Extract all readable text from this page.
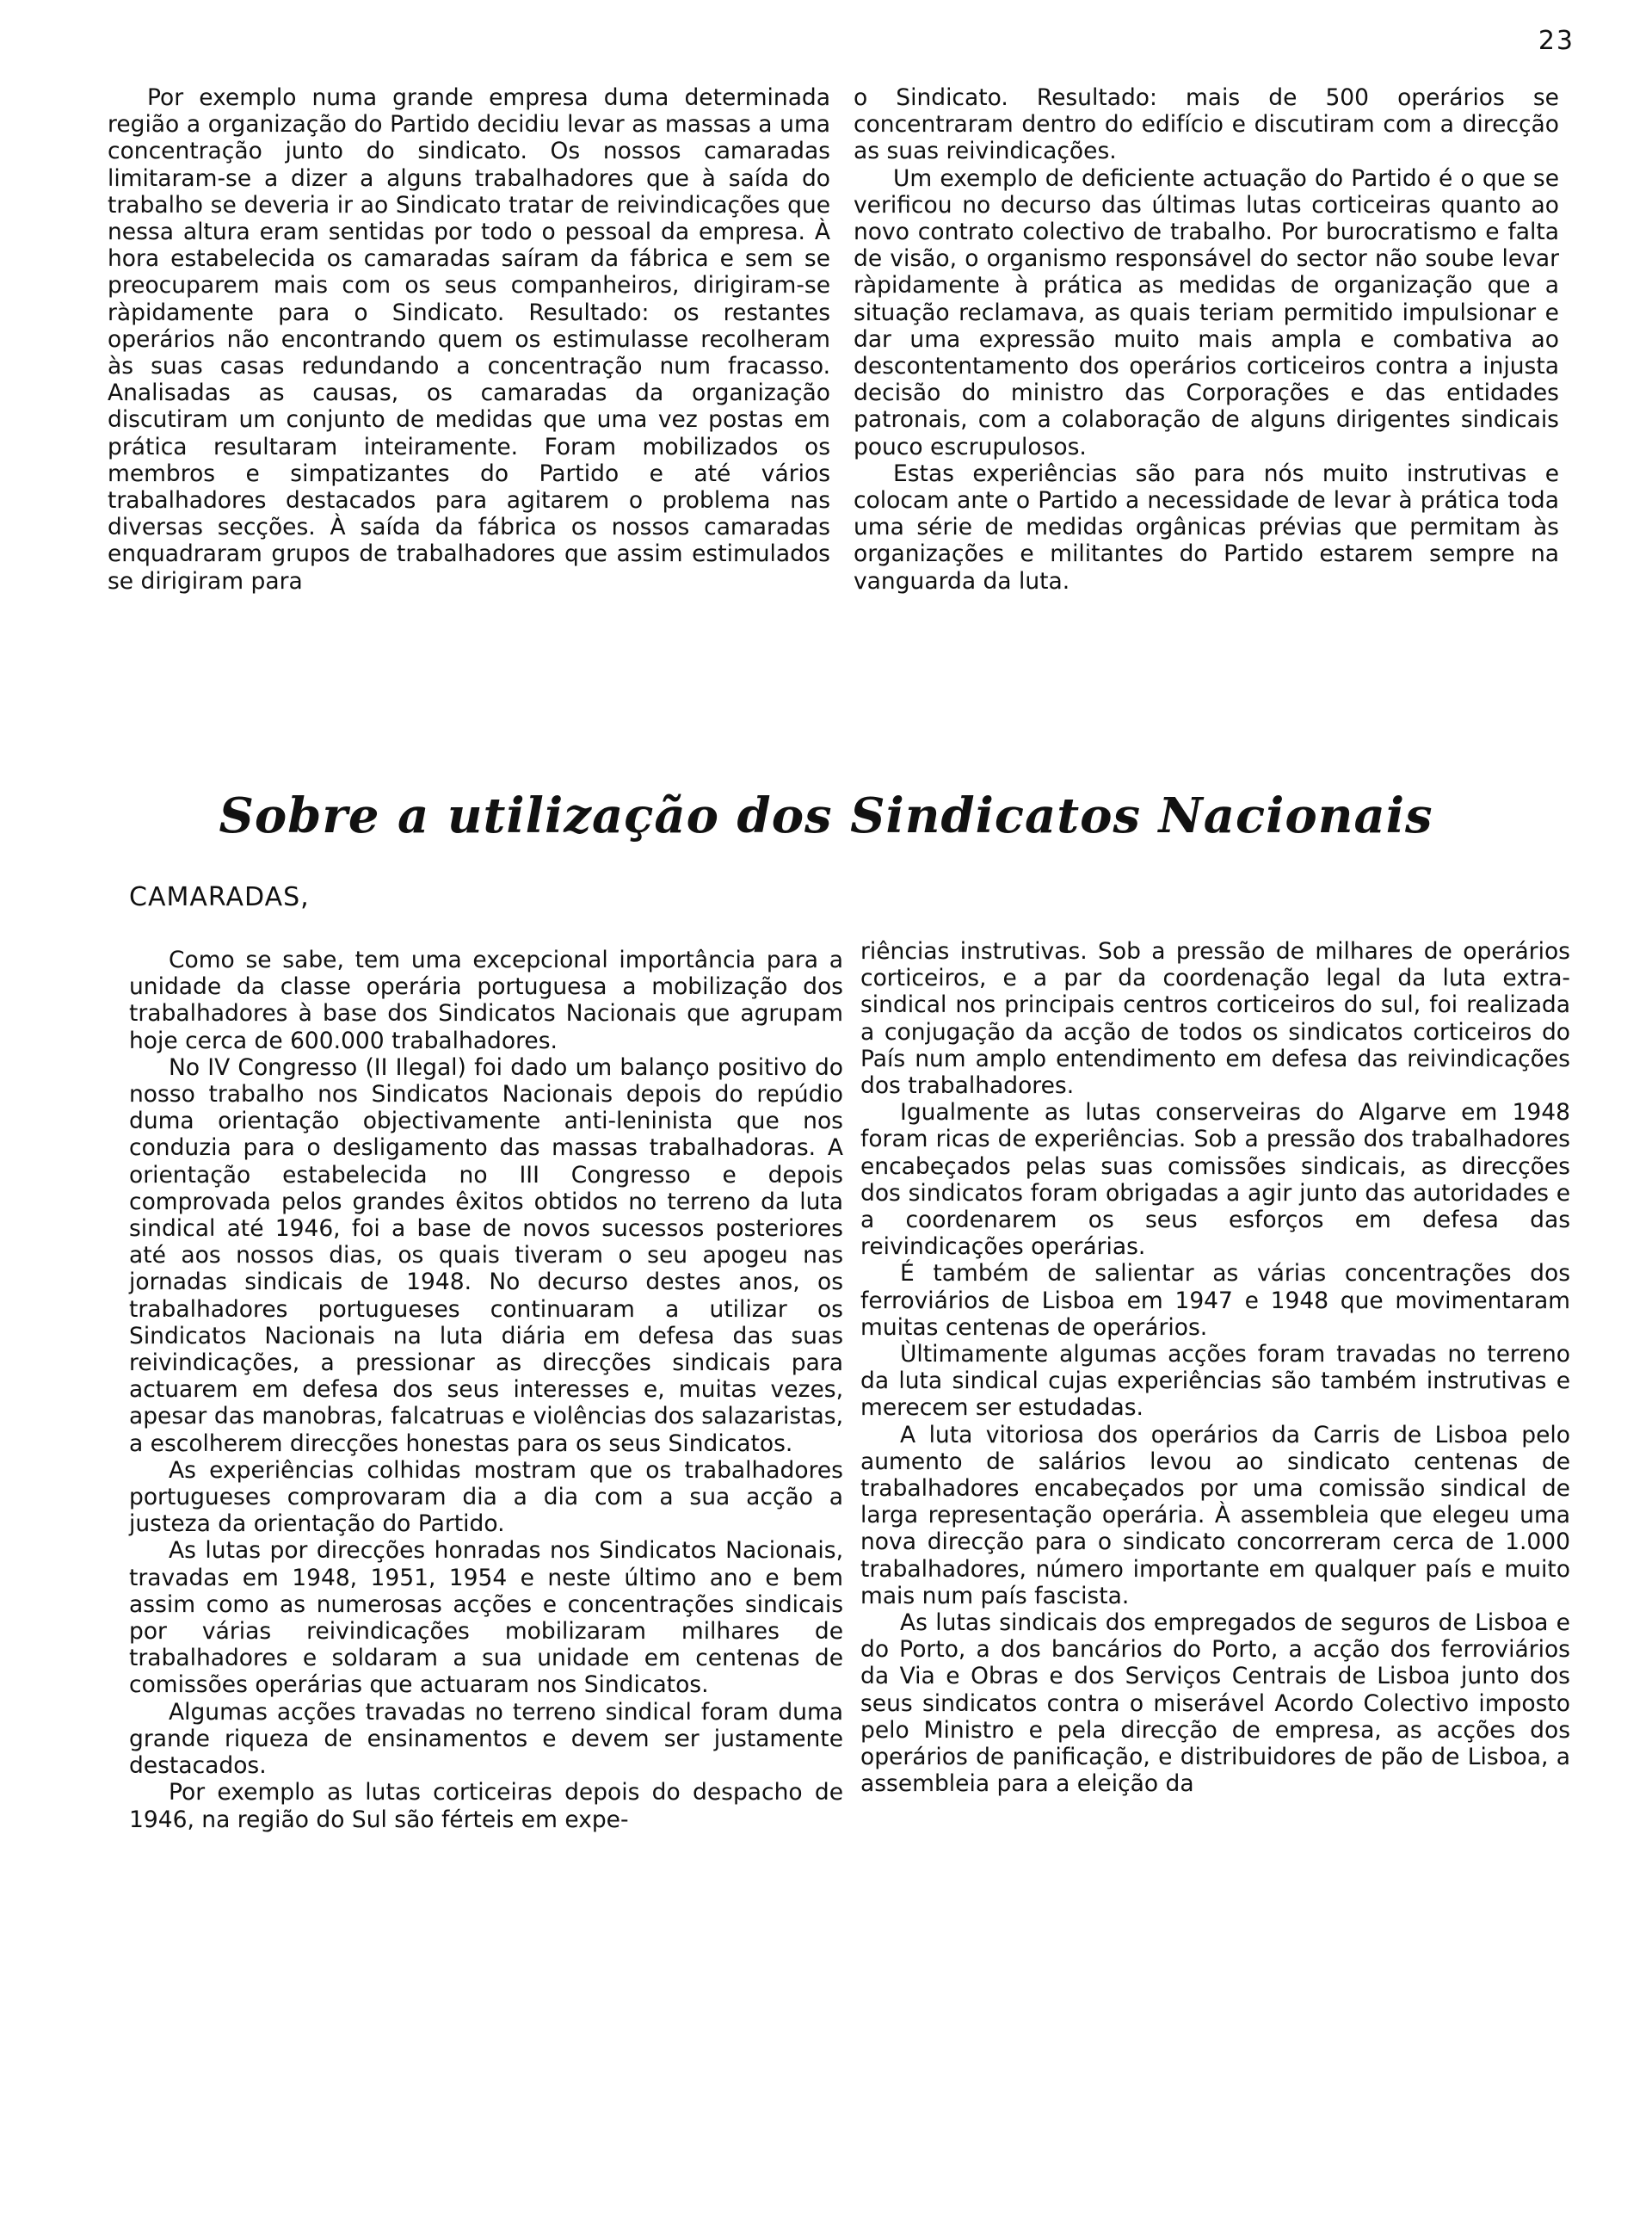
23

Por exemplo numa grande empresa duma determinada região a organização do Partido decidiu levar as massas a uma concentração junto do sindicato. Os nossos camaradas limitaram-se a dizer a alguns trabalhadores que à saída do trabalho se deveria ir ao Sindicato tratar de reivindicações que nessa altura eram sentidas por todo o pessoal da empresa. À hora estabelecida os camaradas saíram da fábrica e sem se preocuparem mais com os seus companheiros, dirigiram-se ràpidamente para o Sindicato. Resultado: os restantes operários não encontrando quem os estimulasse recolheram às suas casas redundando a concentração num fracasso. Analisadas as causas, os camaradas da organização discutiram um conjunto de medidas que uma vez postas em prática resultaram inteiramente. Foram mobilizados os membros e simpatizantes do Partido e até vários trabalhadores destacados para agitarem o problema nas diversas secções. À saída da fábrica os nossos camaradas enquadraram grupos de trabalhadores que assim estimulados se dirigiram para

o Sindicato. Resultado: mais de 500 operários se concentraram dentro do edifício e discutiram com a direcção as suas reivindicações.

Um exemplo de deficiente actuação do Partido é o que se verificou no decurso das últimas lutas corticeiras quanto ao novo contrato colectivo de trabalho. Por burocratismo e falta de visão, o organismo responsável do sector não soube levar ràpidamente à prática as medidas de organização que a situação reclamava, as quais teriam permitido impulsionar e dar uma expressão muito mais ampla e combativa ao descontentamento dos operários corticeiros contra a injusta decisão do ministro das Corporações e das entidades patronais, com a colaboração de alguns dirigentes sindicais pouco escrupulosos.

Estas experiências são para nós muito instrutivas e colocam ante o Partido a necessidade de levar à prática toda uma série de medidas orgânicas prévias que permitam às organizações e militantes do Partido estarem sempre na vanguarda da luta.

Sobre a utilização dos Sindicatos Nacionais
CAMARADAS,

Como se sabe, tem uma excepcional importância para a unidade da classe operária portuguesa a mobilização dos trabalhadores à base dos Sindicatos Nacionais que agrupam hoje cerca de 600.000 trabalhadores.

No IV Congresso (II Ilegal) foi dado um balanço positivo do nosso trabalho nos Sindicatos Nacionais depois do repúdio duma orientação objectivamente anti-leninista que nos conduzia para o desligamento das massas trabalhadoras. A orientação estabelecida no III Congresso e depois comprovada pelos grandes êxitos obtidos no terreno da luta sindical até 1946, foi a base de novos sucessos posteriores até aos nossos dias, os quais tiveram o seu apogeu nas jornadas sindicais de 1948. No decurso destes anos, os trabalhadores portugueses continuaram a utilizar os Sindicatos Nacionais na luta diária em defesa das suas reivindicações, a pressionar as direcções sindicais para actuarem em defesa dos seus interesses e, muitas vezes, apesar das manobras, falcatruas e violências dos salazaristas, a escolherem direcções honestas para os seus Sindicatos.

As experiências colhidas mostram que os trabalhadores portugueses comprovaram dia a dia com a sua acção a justeza da orientação do Partido.

As lutas por direcções honradas nos Sindicatos Nacionais, travadas em 1948, 1951, 1954 e neste último ano e bem assim como as numerosas acções e concentrações sindicais por várias reivindicações mobilizaram milhares de trabalhadores e soldaram a sua unidade em centenas de comissões operárias que actuaram nos Sindicatos.

Algumas acções travadas no terreno sindical foram duma grande riqueza de ensinamentos e devem ser justamente destacados.

Por exemplo as lutas corticeiras depois do despacho de 1946, na região do Sul são férteis em expe-

riências instrutivas. Sob a pressão de milhares de operários corticeiros, e a par da coordenação legal da luta extra-sindical nos principais centros corticeiros do sul, foi realizada a conjugação da acção de todos os sindicatos corticeiros do País num amplo entendimento em defesa das reivindicações dos trabalhadores.

Igualmente as lutas conserveiras do Algarve em 1948 foram ricas de experiências. Sob a pressão dos trabalhadores encabeçados pelas suas comissões sindicais, as direcções dos sindicatos foram obrigadas a agir junto das autoridades e a coordenarem os seus esforços em defesa das reivindicações operárias.

É também de salientar as várias concentrações dos ferroviários de Lisboa em 1947 e 1948 que movimentaram muitas centenas de operários.

Ùltimamente algumas acções foram travadas no terreno da luta sindical cujas experiências são também instrutivas e merecem ser estudadas.

A luta vitoriosa dos operários da Carris de Lisboa pelo aumento de salários levou ao sindicato centenas de trabalhadores encabeçados por uma comissão sindical de larga representação operária. À assembleia que elegeu uma nova direcção para o sindicato concorreram cerca de 1.000 trabalhadores, número importante em qualquer país e muito mais num país fascista.

As lutas sindicais dos empregados de seguros de Lisboa e do Porto, a dos bancários do Porto, a acção dos ferroviários da Via e Obras e dos Serviços Centrais de Lisboa junto dos seus sindicatos contra o miserável Acordo Colectivo imposto pelo Ministro e pela direcção de empresa, as acções dos operários de panificação, e distribuidores de pão de Lisboa, a assembleia para a eleição da
